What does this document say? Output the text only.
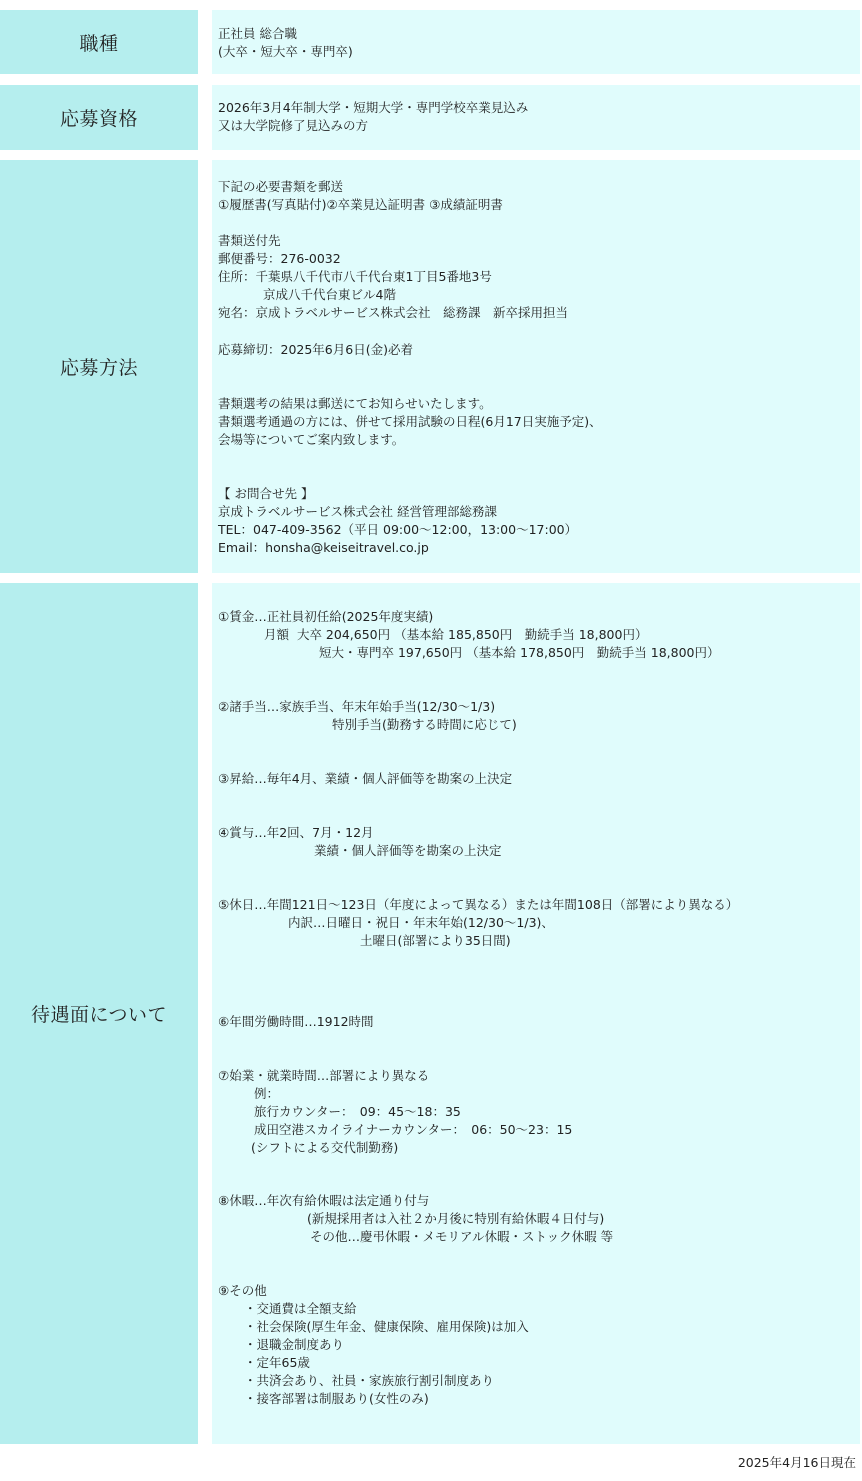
職種	正社員 総合職
(大卒・短大卒・専門卒)
応募資格
2026年3月4年制大学・短期大学・専門学校卒業見込み
又は大学院修了見込みの方
応募方法
下記の必要書類を郵送
①履歴書(写真貼付)②卒業見込証明書 ③成績証明書
書類送付先
郵便番号：276-0032
住所：千葉県八千代市八千代台東1丁目5番地3号
京成八千代台東ビル4階
宛名：京成トラベルサービス株式会社　総務課　新卒採用担当
応募締切：2025年6月6日(金)必着
書類選考の結果は郵送にてお知らせいたします。
書類選考通過の方には、併せて採用試験の日程(6月17日実施予定)、
会場等についてご案内致します。
【 お問合せ先 】
京成トラベルサービス株式会社 経営管理部総務課
TEL：047-409-3562（平日 09:00～12:00，13:00～17:00）
Email：honsha@keiseitravel.co.jp
待遇面について
①賃金…正社員初任給(2025年度実績)
月額  大卒 204,650円 （基本給 185,850円　勤続手当 18,800円）
短大・専門卒 197,650円 （基本給 178,850円　勤続手当 18,800円）
②諸手当…家族手当、年末年始手当(12/30～1/3)
特別手当(勤務する時間に応じて)
③昇給…毎年4月、業績・個人評価等を勘案の上決定
④賞与…年2回、7月・12月
業績・個人評価等を勘案の上決定
⑤休日…年間121日～123日（年度によって異なる）または年間108日（部署により異なる）
内訳…日曜日・祝日・年末年始(12/30～1/3)、
土曜日(部署により35日間)
⑥年間労働時間…1912時間
⑦始業・就業時間…部署により異なる
例：
旅行カウンター：　09：45～18：35
成田空港スカイライナーカウンター：　06：50～23：15
(シフトによる交代制勤務)
⑧休暇…年次有給休暇は法定通り付与
(新規採用者は入社２か月後に特別有給休暇４日付与)
その他…慶弔休暇・メモリアル休暇・ストック休暇 等
⑨その他
・交通費は全額支給
・社会保険(厚生年金、健康保険、雇用保険)は加入
・退職金制度あり
・定年65歳
・共済会あり、社員・家族旅行割引制度あり
・接客部署は制服あり(女性のみ)
2025年4月16日現在
